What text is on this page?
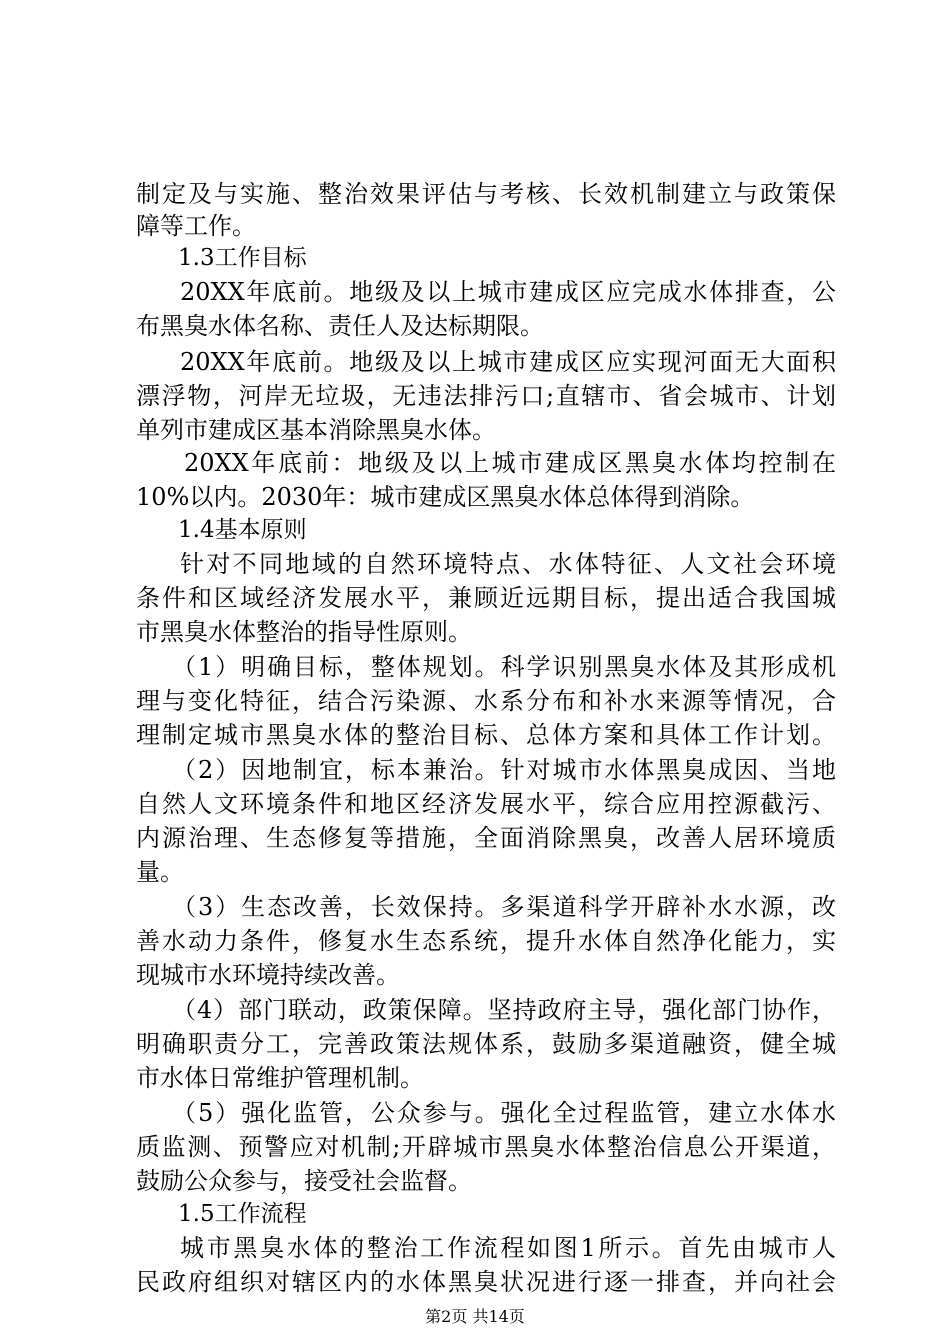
制定及与实施、整治效果评估与考核、长效机制建立与政策保
障等工作。
1.3工作目标
20XX年底前。地级及以上城市建成区应完成水体排查，公
布黑臭水体名称、责任人及达标期限。
20XX年底前。地级及以上城市建成区应实现河面无大面积
漂浮物，河岸无垃圾，无违法排污口;直辖市、省会城市、计划
单列市建成区基本消除黑臭水体。
20XX年底前：地级及以上城市建成区黑臭水体均控制在
10%以内。2030年：城市建成区黑臭水体总体得到消除。
1.4基本原则
针对不同地域的自然环境特点、水体特征、人文社会环境
条件和区域经济发展水平，兼顾近远期目标，提出适合我国城
市黑臭水体整治的指导性原则。
（1）明确目标，整体规划。科学识别黑臭水体及其形成机
理与变化特征，结合污染源、水系分布和补水来源等情况，合
理制定城市黑臭水体的整治目标、总体方案和具体工作计划。
（2）因地制宜，标本兼治。针对城市水体黑臭成因、当地
自然人文环境条件和地区经济发展水平，综合应用控源截污、
内源治理、生态修复等措施，全面消除黑臭，改善人居环境质
量。
（3）生态改善，长效保持。多渠道科学开辟补水水源，改
善水动力条件，修复水生态系统，提升水体自然净化能力，实
现城市水环境持续改善。
（4）部门联动，政策保障。坚持政府主导，强化部门协作，
明确职责分工，完善政策法规体系，鼓励多渠道融资，健全城
市水体日常维护管理机制。
（5）强化监管，公众参与。强化全过程监管，建立水体水
质监测、预警应对机制;开辟城市黑臭水体整治信息公开渠道，
鼓励公众参与，接受社会监督。
1.5工作流程
城市黑臭水体的整治工作流程如图1所示。首先由城市人
民政府组织对辖区内的水体黑臭状况进行逐一排查，并向社会
第2页 共14页
